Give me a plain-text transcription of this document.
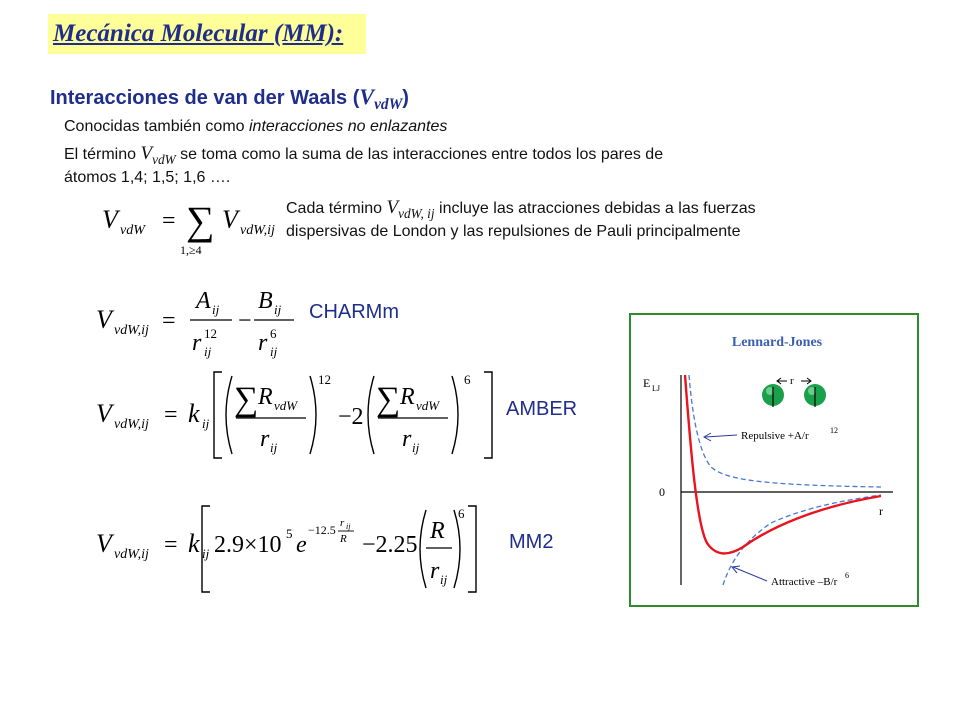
Mecánica Molecular (MM):
Interacciones de van der Waals $(V_{vdW})$
Conocidas también como interacciones no enlazantes
El término $V_{vdW}$ se toma como la suma de las interacciones entre todos los pares de
átomos 1,4; 1,5; 1,6 ….
Cada término $V_{vdW, ij}$ incluye las atracciones debidas a las fuerzas
dispersivas de London y las repulsiones de Pauli principalmente
V vdW = ∑
1,≥4
V vdW,ij
V vdW,ij =
A ij
r 12
ij
−
B ij
r 6
ij
CHARMm
V vdW,ij = k ij
∑ R vdW
r ij
12
−2 ∑ R vdW
r ij
6
AMBER
V vdW,ij = k ij 2.9×10 5 e
−12.5 r ij
R −2.25
R
r ij
6
MM2
Lennard-Jones
E LJ
0
r
r
Repulsive +A/r	12
Attractive –B/r
6
